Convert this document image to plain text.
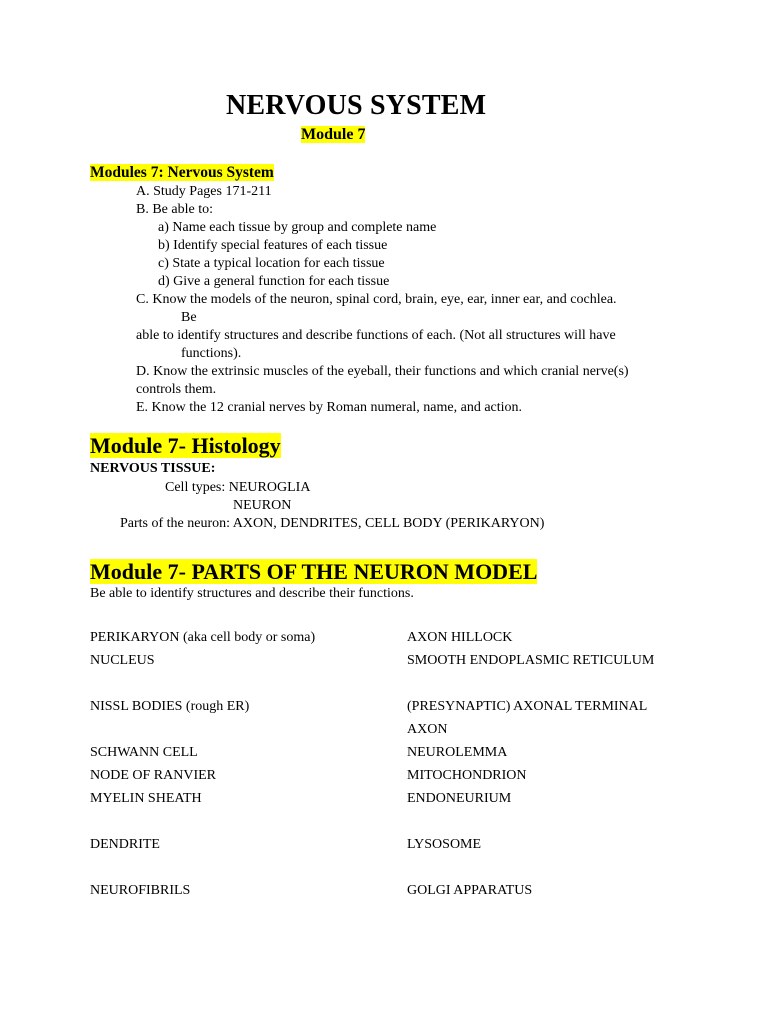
NERVOUS SYSTEM
Module 7
Modules 7: Nervous System
A. Study Pages 171-211
B. Be able to:
a) Name each tissue by group and complete name
b) Identify special features of each tissue
c) State a typical location for each tissue
d) Give a general function for each tissue
C. Know the models of the neuron, spinal cord, brain, eye, ear, inner ear, and cochlea.
Be
able to identify structures and describe functions of each. (Not all structures will have
functions).
D. Know the extrinsic muscles of the eyeball, their functions and which cranial nerve(s)
controls them.
E. Know the 12 cranial nerves by Roman numeral, name, and action.
Module 7- Histology
NERVOUS TISSUE:
Cell types: NEUROGLIA
NEURON
Parts of the neuron: AXON, DENDRITES, CELL BODY (PERIKARYON)
Module 7- PARTS OF THE NEURON MODEL
Be able to identify structures and describe their functions.
PERIKARYON (aka cell body or soma)
NUCLEUS
NISSL BODIES (rough ER)
SCHWANN CELL
NODE OF RANVIER
MYELIN SHEATH
DENDRITE
NEUROFIBRILS
AXON HILLOCK
SMOOTH ENDOPLASMIC RETICULUM
(PRESYNAPTIC) AXONAL TERMINAL
AXON
NEUROLEMMA
MITOCHONDRION
ENDONEURIUM
LYSOSOME
GOLGI APPARATUS
